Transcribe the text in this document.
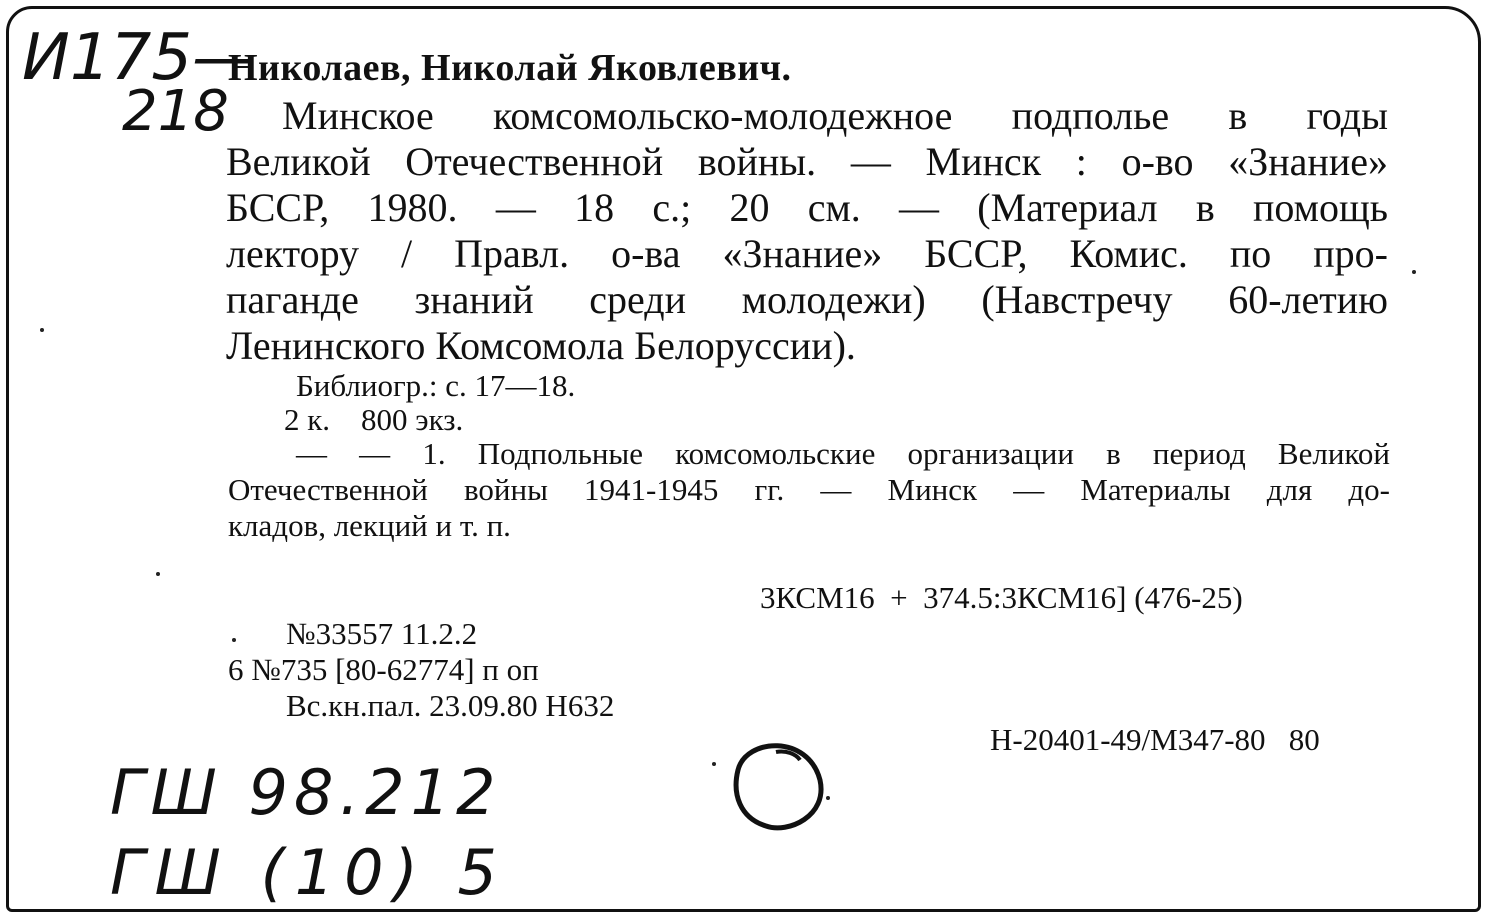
И175—
218
Николаев, Николай Яковлевич.
Минское комсомольско-молодежное подполье в годы
Великой Отечественной войны. — Минск : о-во «Знание»
БССР, 1980. — 18 с.; 20 см. — (Материал в помощь
лектору / Правл. о-ва «Знание» БССР, Комис. по про-
паганде знаний среди молодежи) (Навстречу 60-летию
Ленинского Комсомола Белоруссии).
Библиогр.: с. 17—18.
2 к.    800 экз.
— — 1. Подпольные комсомольские организации в период Великой
Отечественной войны 1941-1945 гг. — Минск — Материалы для до-
кладов, лекций и т. п.
3КСМ16  +  374.5:3КСМ16] (476-25)
№33557 11.2.2
6 №735 [80-62774] п оп
Вс.кн.пал. 23.09.80 Н632
Н-20401-49/М347-80   80
ГШ 98.212
ГШ (10) 5
